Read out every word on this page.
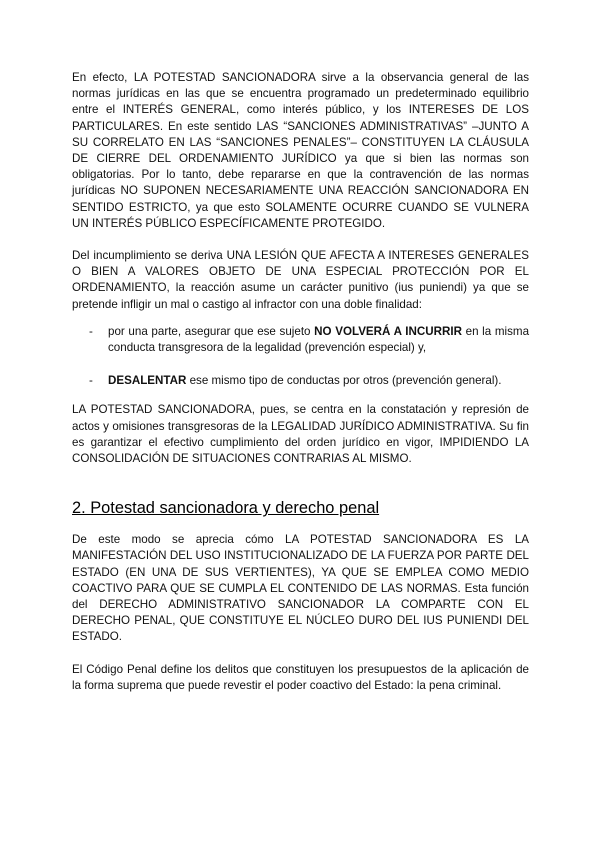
En efecto, LA POTESTAD SANCIONADORA sirve a la observancia general de las normas jurídicas en las que se encuentra programado un predeterminado equilibrio entre el INTERÉS GENERAL, como interés público, y los INTERESES DE LOS PARTICULARES. En este sentido LAS “SANCIONES ADMINISTRATIVAS” –JUNTO A SU CORRELATO EN LAS “SANCIONES PENALES”– CONSTITUYEN LA CLÁUSULA DE CIERRE DEL ORDENAMIENTO JURÍDICO ya que si bien las normas son obligatorias. Por lo tanto, debe repararse en que la contravención de las normas jurídicas NO SUPONEN NECESARIAMENTE UNA REACCIÓN SANCIONADORA EN SENTIDO ESTRICTO, ya que esto SOLAMENTE OCURRE CUANDO SE VULNERA UN INTERÉS PÚBLICO ESPECÍFICAMENTE PROTEGIDO.

Del incumplimiento se deriva UNA LESIÓN QUE AFECTA A INTERESES GENERALES O BIEN A VALORES OBJETO DE UNA ESPECIAL PROTECCIÓN POR EL ORDENAMIENTO, la reacción asume un carácter punitivo (ius puniendi) ya que se pretende infligir un mal o castigo al infractor con una doble finalidad:

- por una parte, asegurar que ese sujeto NO VOLVERÁ A INCURRIR en la misma conducta transgresora de la legalidad (prevención especial) y,
- DESALENTAR ese mismo tipo de conductas por otros (prevención general).

LA POTESTAD SANCIONADORA, pues, se centra en la constatación y represión de actos y omisiones transgresoras de la LEGALIDAD JURÍDICO ADMINISTRATIVA. Su fin es garantizar el efectivo cumplimiento del orden jurídico en vigor, IMPIDIENDO LA CONSOLIDACIÓN DE SITUACIONES CONTRARIAS AL MISMO.

2. Potestad sancionadora y derecho penal

De este modo se aprecia cómo LA POTESTAD SANCIONADORA ES LA MANIFESTACIÓN DEL USO INSTITUCIONALIZADO DE LA FUERZA POR PARTE DEL ESTADO (EN UNA DE SUS VERTIENTES), YA QUE SE EMPLEA COMO MEDIO COACTIVO PARA QUE SE CUMPLA EL CONTENIDO DE LAS NORMAS. Esta función del DERECHO ADMINISTRATIVO SANCIONADOR LA COMPARTE CON EL DERECHO PENAL, QUE CONSTITUYE EL NÚCLEO DURO DEL IUS PUNIENDI DEL ESTADO.

El Código Penal define los delitos que constituyen los presupuestos de la aplicación de la forma suprema que puede revestir el poder coactivo del Estado: la pena criminal.
